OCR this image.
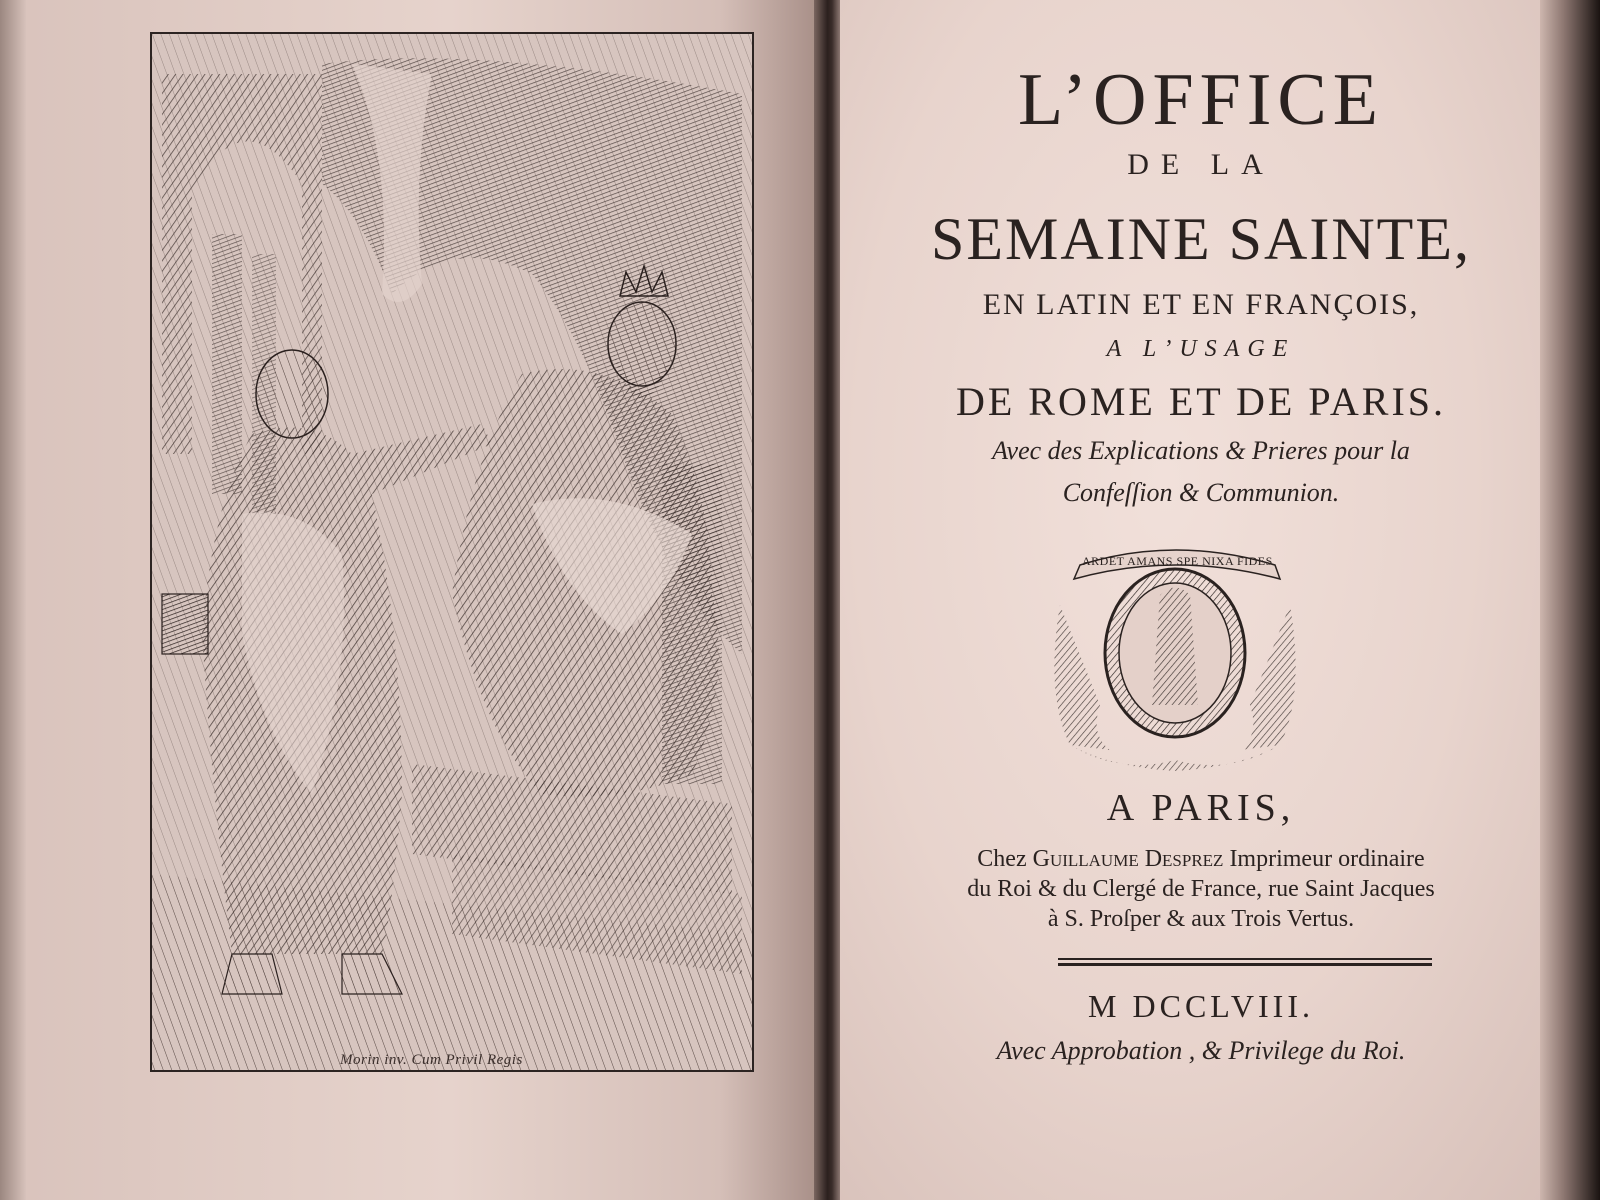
Morin inv. Cum Privil Regis
L’OFFICE
DE LA
SEMAINE SAINTE,
EN LATIN ET EN FRANÇOIS,
A L’USAGE
DE ROME ET DE PARIS.
Avec des Explications & Prieres pour la
Confeſſion & Communion.
ARDET AMANS SPE NIXA FIDES
A PARIS,
Chez Guillaume Desprez Imprimeur ordinaire
du Roi & du Clergé de France, rue Saint Jacques
à S. Proſper & aux Trois Vertus.
M DCCLVIII.
Avec Approbation , & Privilege du Roi.
